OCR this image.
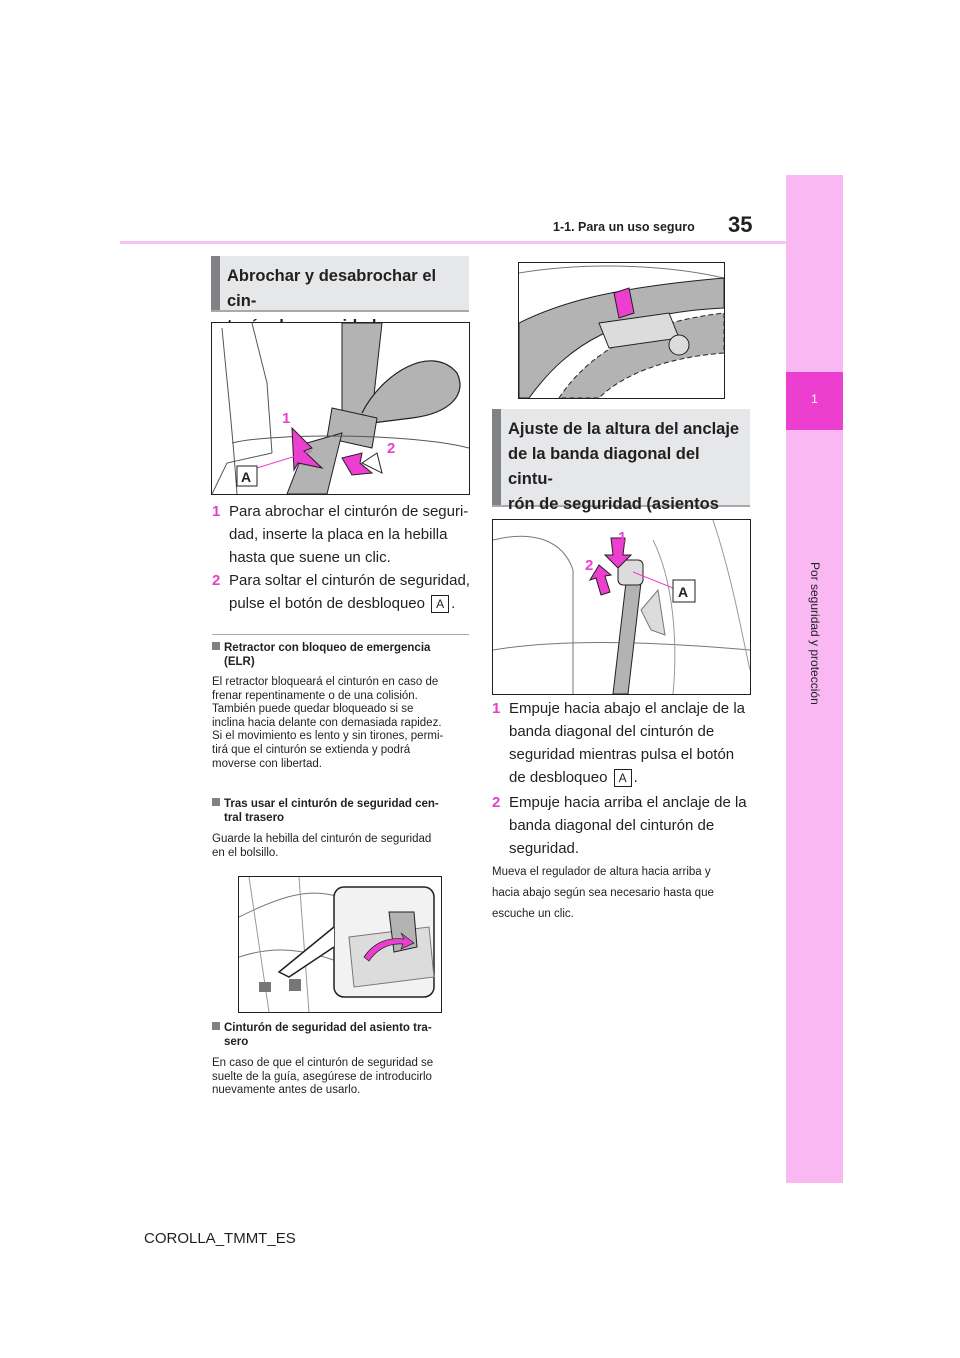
1-1. Para un uso seguro 35
1
Por seguridad y protección
Abrochar y desabrochar el cin-

A
1
2
1 Para abrochar el cinturón de seguri-
dad, inserte la placa en la hebilla
hasta que suene un clic.
2 Para soltar el cinturón de seguridad,
pulse el botón de desbloqueo A .
Retractor con bloqueo de emergencia
(ELR)
El retractor bloqueará el cinturón en caso de
frenar repentinamente o de una colisión.
También puede quedar bloqueado si se
inclina hacia delante con demasiada rapidez.
Si el movimiento es lento y sin tirones, permi-
tirá que el cinturón se extienda y podrá
moverse con libertad.
Tras usar el cinturón de seguridad cen-
tral trasero
Guarde la hebilla del cinturón de seguridad
en el bolsillo.
Cinturón de seguridad del asiento tra-
sero
En caso de que el cinturón de seguridad se
suelte de la guía, asegúrese de introducirlo
nuevamente antes de usarlo.
Ajuste de la altura del anclaje
de la banda diagonal del cintu-
rón de seguridad (asientos

A
1
2
1 Empuje hacia abajo el anclaje de la
banda diagonal del cinturón de
seguridad mientras pulsa el botón
de desbloqueo A .
2 Empuje hacia arriba el anclaje de la
banda diagonal del cinturón de
seguridad.
Mueva el regulador de altura hacia arriba y
hacia abajo según sea necesario hasta que
escuche un clic.
COROLLA_TMMT_ES
